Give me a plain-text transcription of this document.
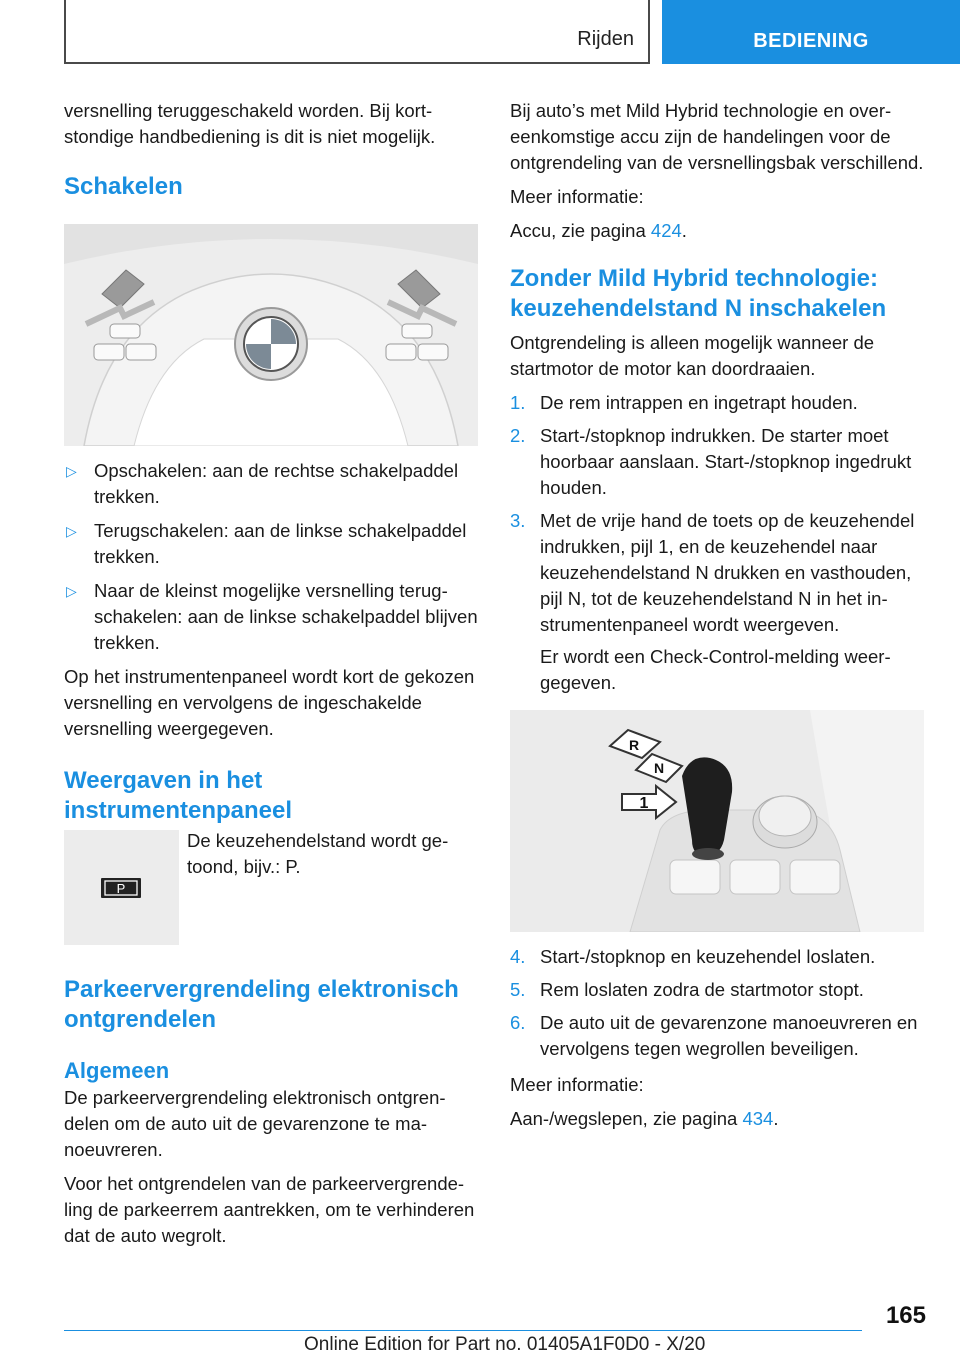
Rijden	BEDIENING

versnelling teruggeschakeld worden. Bij kortstondige handbediening is dit is niet mogelijk.

Schakelen
▷ Opschakelen: aan de rechtse schakelpaddel trekken.
▷ Terugschakelen: aan de linkse schakelpaddel trekken.
▷ Naar de kleinst mogelijke versnelling terugschakelen: aan de linkse schakelpaddel blijven trekken.

Op het instrumentenpaneel wordt kort de gekozen versnelling en vervolgens de ingeschakelde versnelling weergegeven.

Weergaven in het instrumentenpaneel
P

De keuzehendelstand wordt getoond, bijv.: P.

Parkeervergrendeling elektronisch ontgrendelen
Algemeen

De parkeervergrendeling elektronisch ontgrendelen om de auto uit de gevarenzone te manoeuvreren.

Voor het ontgrendelen van de parkeervergrendeling de parkeerrem aantrekken, om te verhinderen dat de auto wegrolt.

Bij auto’s met Mild Hybrid technologie en overeenkomstige accu zijn de handelingen voor de ontgrendeling van de versnellingsbak verschillend.

Meer informatie:

Accu, zie pagina 424.

Zonder Mild Hybrid technologie: keuzehendelstand N inschakelen

Ontgrendeling is alleen mogelijk wanneer de startmotor de motor kan doordraaien.

1. De rem intrappen en ingetrapt houden.
2. Start-/stopknop indrukken. De starter moet hoorbaar aanslaan. Start-/stopknop ingedrukt houden.
3. Met de vrije hand de toets op de keuzehendel indrukken, pijl 1, en de keuzehendel naar keuzehendelstand N drukken en vasthouden, pijl N, tot de keuzehendelstand N in het instrumentenpaneel wordt weergeven.
Er wordt een Check-Control-melding weergegeven.
R
N
1
4. Start-/stopknop en keuzehendel loslaten.
5. Rem loslaten zodra de startmotor stopt.
6. De auto uit de gevarenzone manoeuvreren en vervolgens tegen wegrollen beveiligen.

Meer informatie:

Aan-/wegslepen, zie pagina 434.

165
Online Edition for Part no. 01405A1F0D0 - X/20
